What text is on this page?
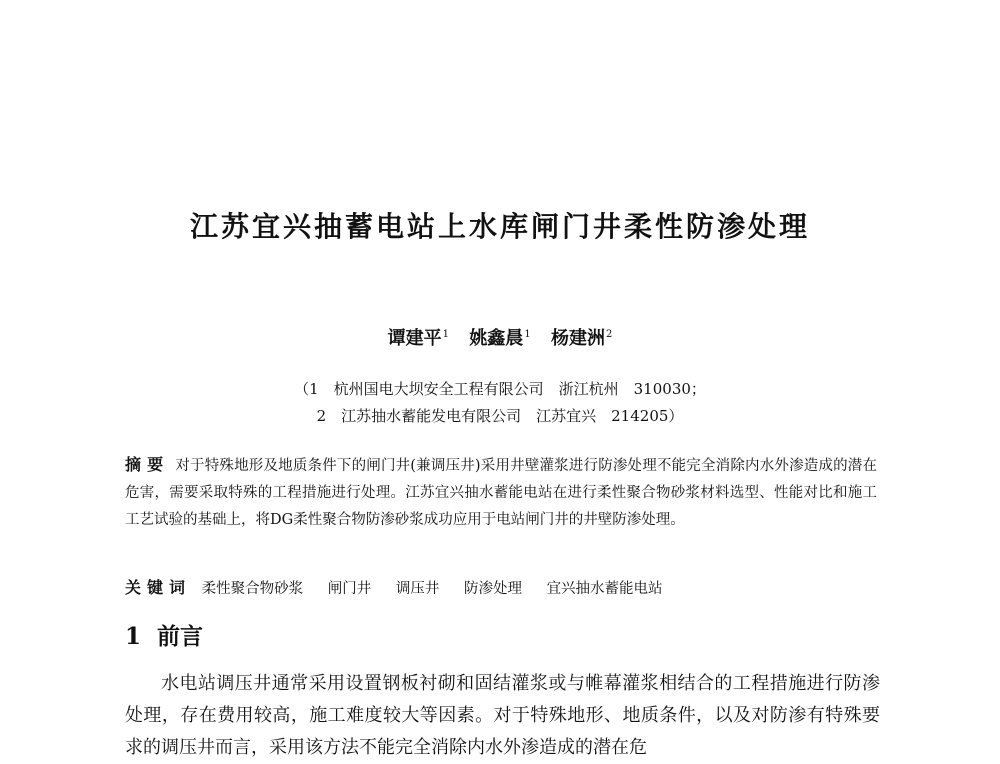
江苏宜兴抽蓄电站上水库闸门井柔性防渗处理
谭建平$^1$ 姚鑫晨$^1$ 杨建洲$^2$
（1　杭州国电大坝安全工程有限公司　浙江杭州　310030；
2　江苏抽水蓄能发电有限公司　江苏宜兴　214205）
摘要 对于特殊地形及地质条件下的闸门井(兼调压井)采用井壁灌浆进行防渗处理不能完全消除内水外渗造成的潜在危害，需要采取特殊的工程措施进行处理。江苏宜兴抽水蓄能电站在进行柔性聚合物砂浆材料选型、性能对比和施工工艺试验的基础上，将DG柔性聚合物防渗砂浆成功应用于电站闸门井的井壁防渗处理。
关键词 柔性聚合物砂浆 闸门井 调压井 防渗处理 宜兴抽水蓄能电站
1 前言
水电站调压井通常采用设置钢板衬砌和固结灌浆或与帷幕灌浆相结合的工程措施进行防渗处理，存在费用较高，施工难度较大等因素。对于特殊地形、地质条件，以及对防渗有特殊要求的调压井而言，采用该方法不能完全消除内水外渗造成的潜在危
